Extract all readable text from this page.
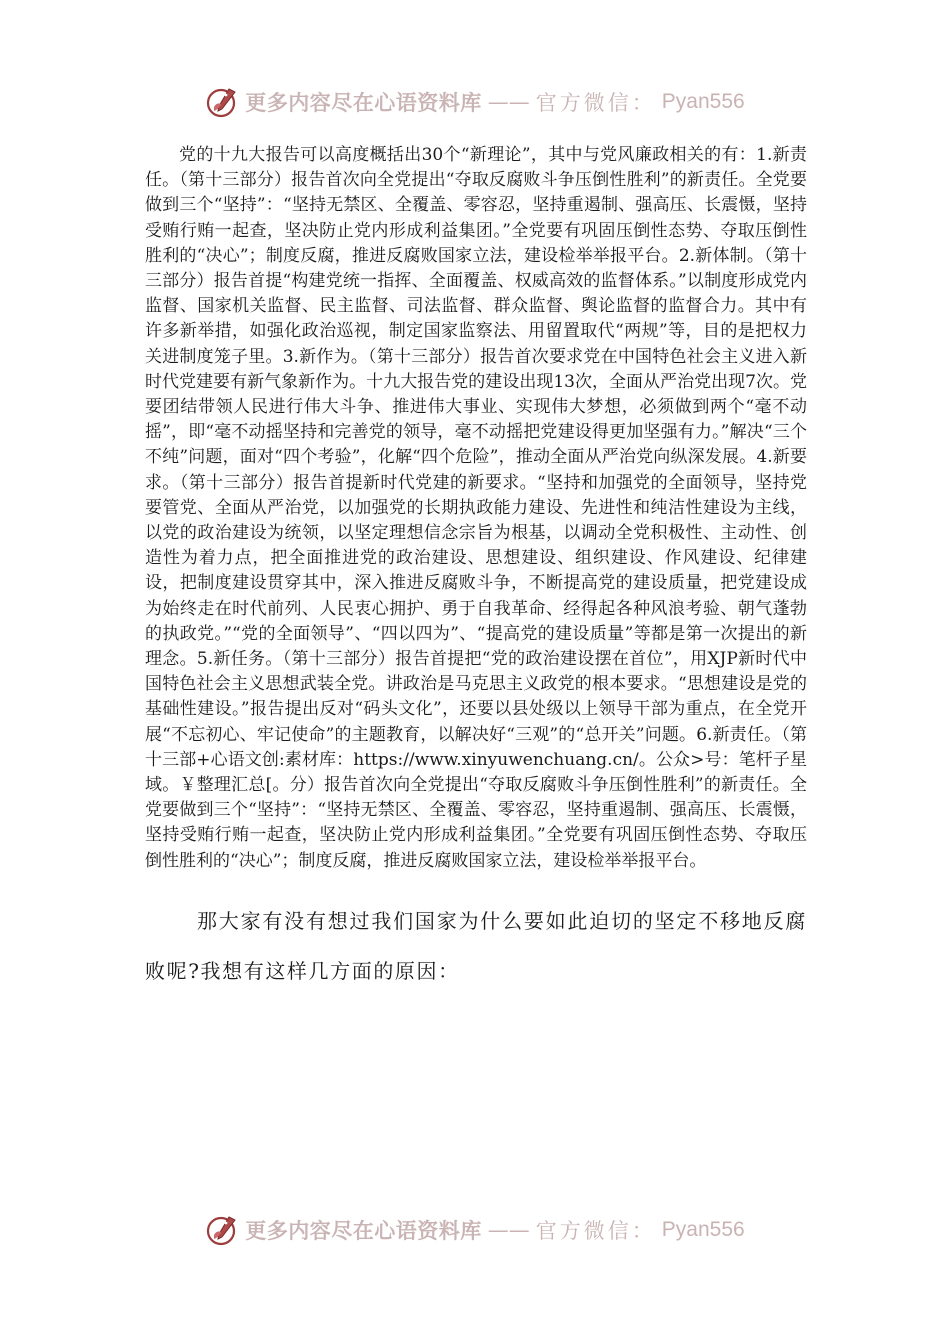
更多内容尽在心语资料库 —— 官方微信： Pyan556

党的十九大报告可以高度概括出30个“新理论”，其中与党风廉政相关的有：1.新责任。（第十三部分）报告首次向全党提出“夺取反腐败斗争压倒性胜利”的新责任。全党要做到三个“坚持”：“坚持无禁区、全覆盖、零容忍，坚持重遏制、强高压、长震慑，坚持受贿行贿一起查，坚决防止党内形成利益集团。”全党要有巩固压倒性态势、夺取压倒性胜利的“决心”；制度反腐，推进反腐败国家立法，建设检举举报平台。2.新体制。（第十三部分）报告首提“构建党统一指挥、全面覆盖、权威高效的监督体系。”以制度形成党内监督、国家机关监督、民主监督、司法监督、群众监督、舆论监督的监督合力。其中有许多新举措，如强化政治巡视，制定国家监察法、用留置取代“两规”等，目的是把权力关进制度笼子里。3.新作为。（第十三部分）报告首次要求党在中国特色社会主义进入新时代党建要有新气象新作为。十九大报告党的建设出现13次，全面从严治党出现7次。党要团结带领人民进行伟大斗争、推进伟大事业、实现伟大梦想，必须做到两个“毫不动摇”，即“毫不动摇坚持和完善党的领导，毫不动摇把党建设得更加坚强有力。”解决“三个不纯”问题，面对“四个考验”，化解“四个危险”，推动全面从严治党向纵深发展。4.新要求。（第十三部分）报告首提新时代党建的新要求。“坚持和加强党的全面领导，坚持党要管党、全面从严治党，以加强党的长期执政能力建设、先进性和纯洁性建设为主线，以党的政治建设为统领，以坚定理想信念宗旨为根基，以调动全党积极性、主动性、创造性为着力点，把全面推进党的政治建设、思想建设、组织建设、作风建设、纪律建设，把制度建设贯穿其中，深入推进反腐败斗争，不断提高党的建设质量，把党建设成为始终走在时代前列、人民衷心拥护、勇于自我革命、经得起各种风浪考验、朝气蓬勃的执政党。”“党的全面领导”、“四以四为”、“提高党的建设质量”等都是第一次提出的新理念。5.新任务。（第十三部分）报告首提把“党的政治建设摆在首位”，用XJP新时代中国特色社会主义思想武装全党。讲政治是马克思主义政党的根本要求。“思想建设是党的基础性建设。”报告提出反对“码头文化”，还要以县处级以上领导干部为重点，在全党开展“不忘初心、牢记使命”的主题教育，以解决好“三观”的“总开关”问题。6.新责任。（第十三部+心语文创:素材库：https://www.xinyuwenchuang.cn/。公众>号：笔杆子星域。￥整理汇总[。分）报告首次向全党提出“夺取反腐败斗争压倒性胜利”的新责任。全党要做到三个“坚持”：“坚持无禁区、全覆盖、零容忍，坚持重遏制、强高压、长震慑，坚持受贿行贿一起查，坚决防止党内形成利益集团。”全党要有巩固压倒性态势、夺取压倒性胜利的“决心”；制度反腐，推进反腐败国家立法，建设检举举报平台。

那大家有没有想过我们国家为什么要如此迫切的坚定不移地反腐败呢?我想有这样几方面的原因：

更多内容尽在心语资料库 —— 官方微信： Pyan556
